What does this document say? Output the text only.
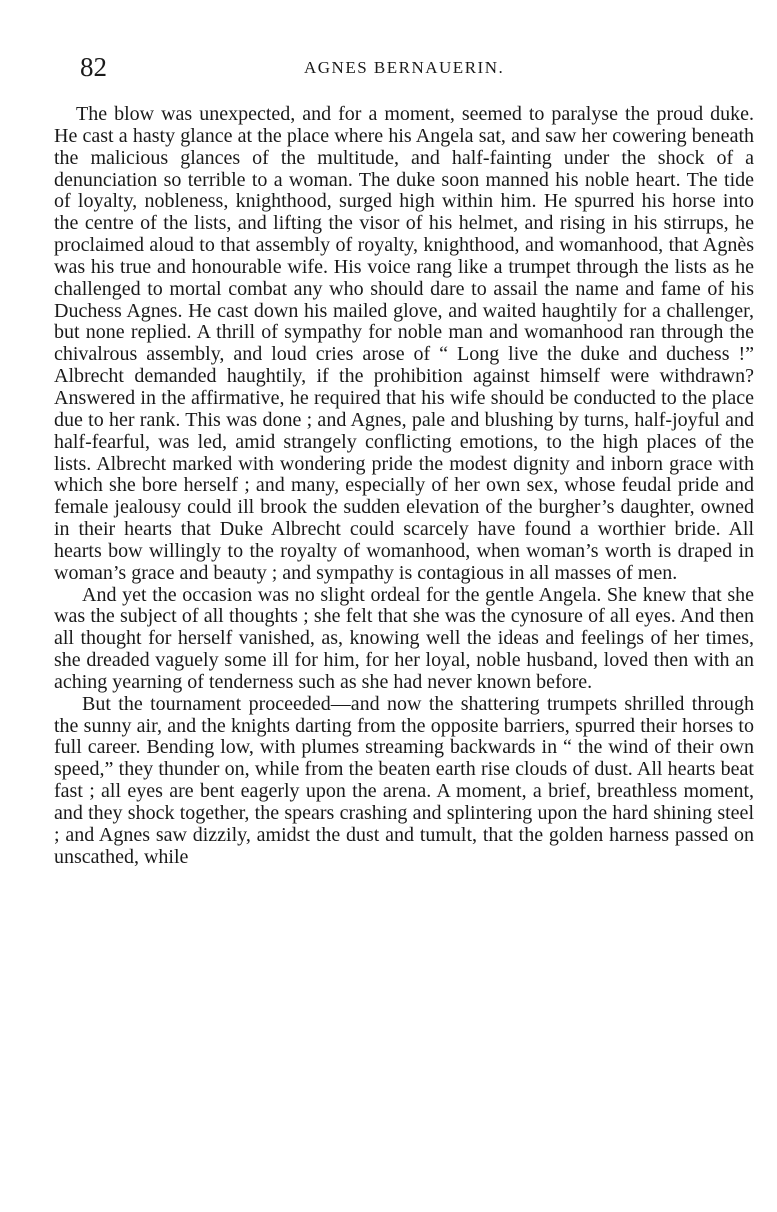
82	AGNES BERNAUERIN.

The blow was unexpected, and for a moment, seemed to paralyse the proud duke. He cast a hasty glance at the place where his Angela sat, and saw her cowering beneath the malicious glances of the multitude, and half-fainting under the shock of a denunciation so terrible to a woman. The duke soon manned his noble heart. The tide of loyalty, nobleness, knighthood, surged high within him. He spurred his horse into the centre of the lists, and lifting the visor of his helmet, and rising in his stirrups, he proclaimed aloud to that assembly of royalty, knighthood, and womanhood, that Agnès was his true and honourable wife. His voice rang like a trumpet through the lists as he challenged to mortal combat any who should dare to assail the name and fame of his Duchess Agnes. He cast down his mailed glove, and waited haughtily for a challenger, but none replied. A thrill of sympathy for noble man and womanhood ran through the chivalrous assembly, and loud cries arose of “ Long live the duke and duchess !” Albrecht demanded haughtily, if the prohibition against himself were withdrawn? Answered in the affirmative, he required that his wife should be conducted to the place due to her rank. This was done ; and Agnes, pale and blushing by turns, half-joyful and half-fearful, was led, amid strangely conflicting emotions, to the high places of the lists. Albrecht marked with wondering pride the modest dignity and inborn grace with which she bore herself ; and many, especially of her own sex, whose feudal pride and female jealousy could ill brook the sudden elevation of the burgher’s daughter, owned in their hearts that Duke Albrecht could scarcely have found a worthier bride. All hearts bow willingly to the royalty of womanhood, when woman’s worth is draped in woman’s grace and beauty ; and sympathy is contagious in all masses of men.

And yet the occasion was no slight ordeal for the gentle Angela. She knew that she was the subject of all thoughts ; she felt that she was the cynosure of all eyes. And then all thought for herself vanished, as, knowing well the ideas and feelings of her times, she dreaded vaguely some ill for him, for her loyal, noble husband, loved then with an aching yearning of tenderness such as she had never known before.

But the tournament proceeded—and now the shattering trumpets shrilled through the sunny air, and the knights darting from the opposite barriers, spurred their horses to full career. Bending low, with plumes streaming backwards in “ the wind of their own speed,” they thunder on, while from the beaten earth rise clouds of dust. All hearts beat fast ; all eyes are bent eagerly upon the arena. A moment, a brief, breathless moment, and they shock together, the spears crashing and splintering upon the hard shining steel ; and Agnes saw dizzily, amidst the dust and tumult, that the golden harness passed on unscathed, while
